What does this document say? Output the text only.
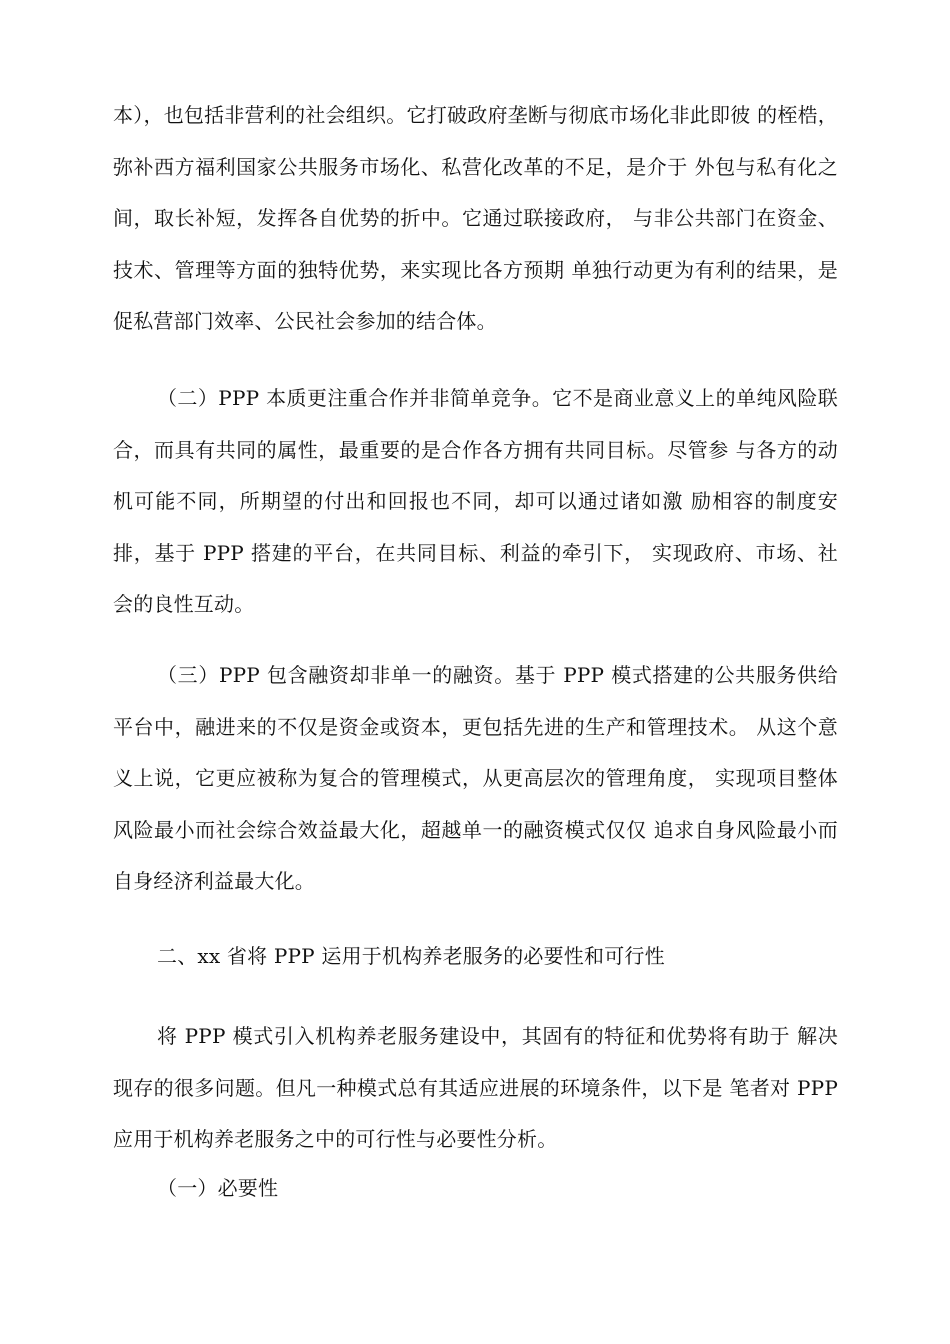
本），也包括非营利的社会组织。它打破政府垄断与彻底市场化非此即彼 的桎梏，弥补西方福利国家公共服务市场化、私营化改革的不足，是介于 外包与私有化之间，取长补短，发挥各自优势的折中。它通过联接政府， 与非公共部门在资金、技术、管理等方面的独特优势，来实现比各方预期 单独行动更为有利的结果，是促私营部门效率、公民社会参加的结合体。

（二）PPP 本质更注重合作并非简单竞争。它不是商业意义上的单纯风险联合，而具有共同的属性，最重要的是合作各方拥有共同目标。尽管参 与各方的动机可能不同，所期望的付出和回报也不同，却可以通过诸如激 励相容的制度安排，基于 PPP 搭建的平台，在共同目标、利益的牵引下， 实现政府、市场、社会的良性互动。

（三）PPP 包含融资却非单一的融资。基于 PPP 模式搭建的公共服务供给平台中，融进来的不仅是资金或资本，更包括先进的生产和管理技术。 从这个意义上说，它更应被称为复合的管理模式，从更高层次的管理角度， 实现项目整体风险最小而社会综合效益最大化，超越单一的融资模式仅仅 追求自身风险最小而自身经济利益最大化。

二、xx 省将 PPP 运用于机构养老服务的必要性和可行性

将 PPP 模式引入机构养老服务建设中，其固有的特征和优势将有助于 解决现存的很多问题。但凡一种模式总有其适应进展的环境条件，以下是 笔者对 PPP 应用于机构养老服务之中的可行性与必要性分析。

（一）必要性
